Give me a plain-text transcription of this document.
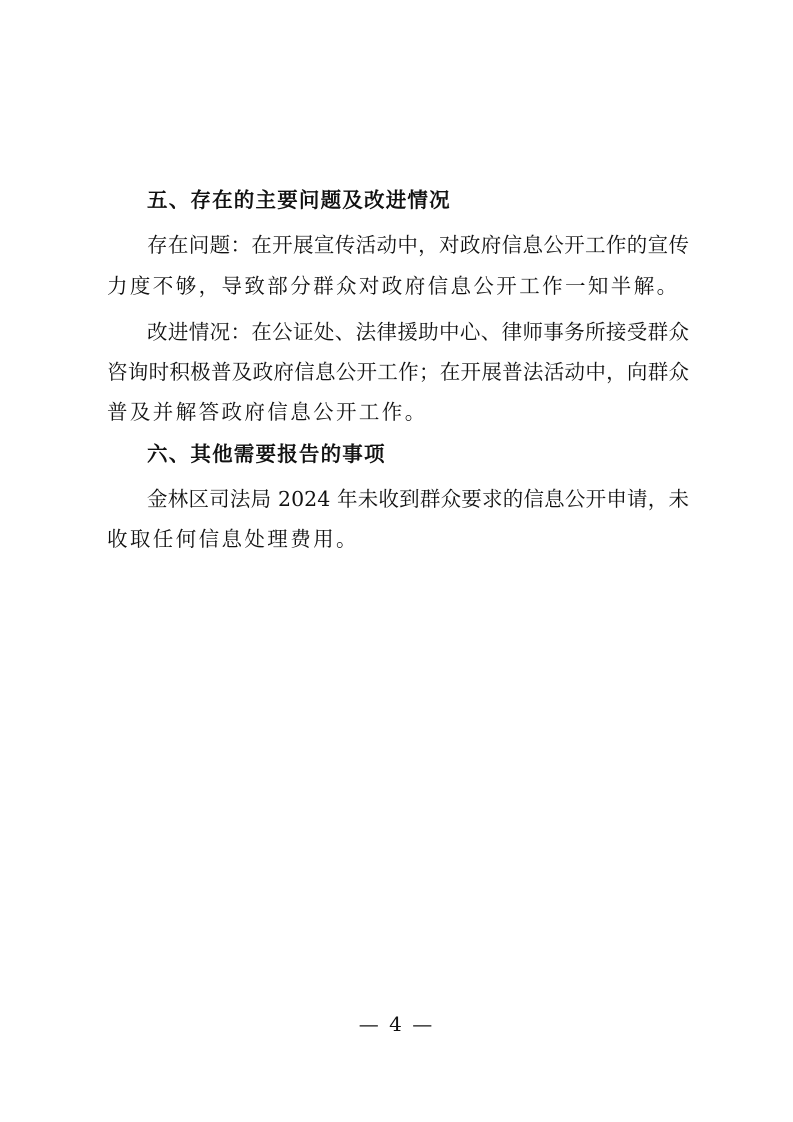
五、存在的主要问题及改进情况
存在问题：在开展宣传活动中，对政府信息公开工作的宣传
力度不够，导致部分群众对政府信息公开工作一知半解。
改进情况：在公证处、法律援助中心、律师事务所接受群众
咨询时积极普及政府信息公开工作；在开展普法活动中，向群众
普及并解答政府信息公开工作。
六、其他需要报告的事项
金林区司法局 2024 年未收到群众要求的信息公开申请，未
收取任何信息处理费用。
— 4 —
